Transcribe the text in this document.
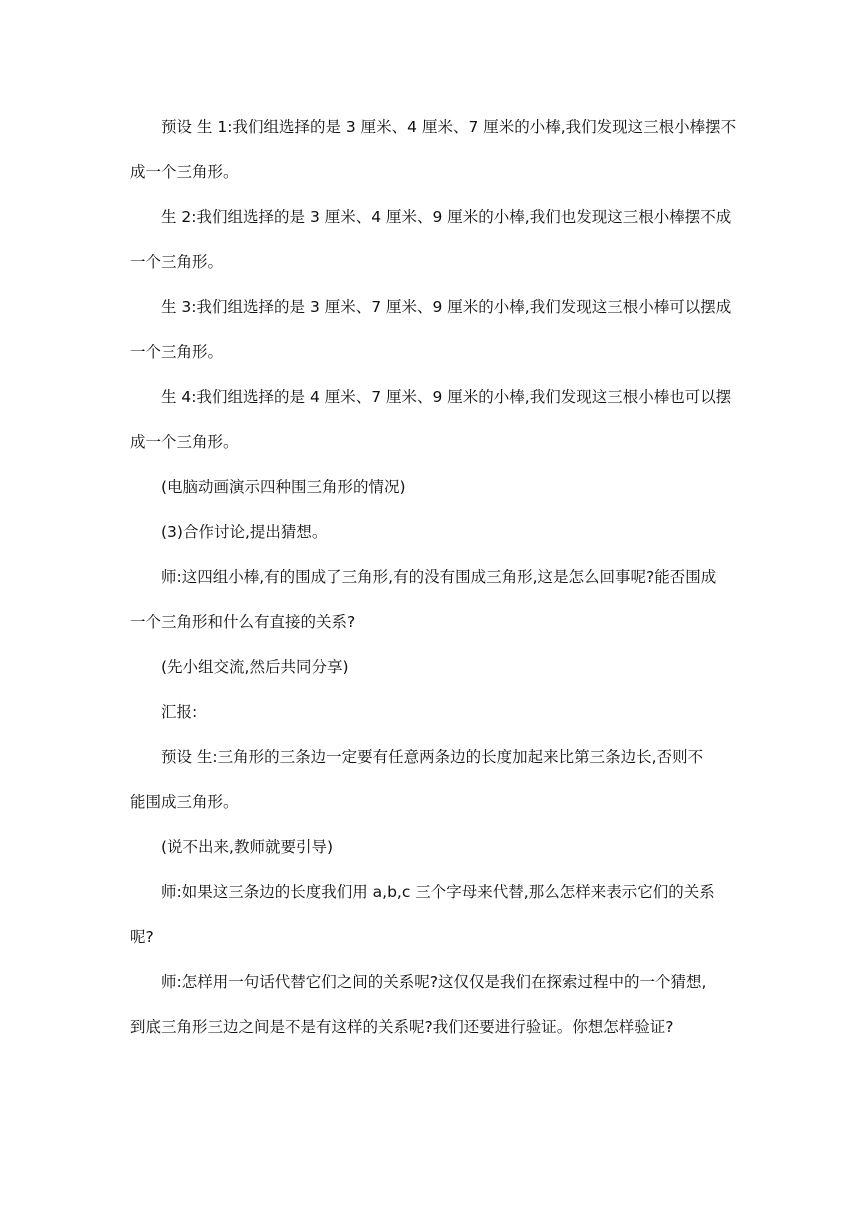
预设 生 1:我们组选择的是 3 厘米、4 厘米、7 厘米的小棒,我们发现这三根小棒摆不
成一个三角形。
生 2:我们组选择的是 3 厘米、4 厘米、9 厘米的小棒,我们也发现这三根小棒摆不成
一个三角形。
生 3:我们组选择的是 3 厘米、7 厘米、9 厘米的小棒,我们发现这三根小棒可以摆成
一个三角形。
生 4:我们组选择的是 4 厘米、7 厘米、9 厘米的小棒,我们发现这三根小棒也可以摆
成一个三角形。
(电脑动画演示四种围三角形的情况)
(3)合作讨论,提出猜想。
师:这四组小棒,有的围成了三角形,有的没有围成三角形,这是怎么回事呢?能否围成
一个三角形和什么有直接的关系?
(先小组交流,然后共同分享)
汇报:
预设 生:三角形的三条边一定要有任意两条边的长度加起来比第三条边长,否则不
能围成三角形。
(说不出来,教师就要引导)
师:如果这三条边的长度我们用 a,b,c 三个字母来代替,那么怎样来表示它们的关系
呢?
师:怎样用一句话代替它们之间的关系呢?这仅仅是我们在探索过程中的一个猜想,
到底三角形三边之间是不是有这样的关系呢?我们还要进行验证。你想怎样验证?
